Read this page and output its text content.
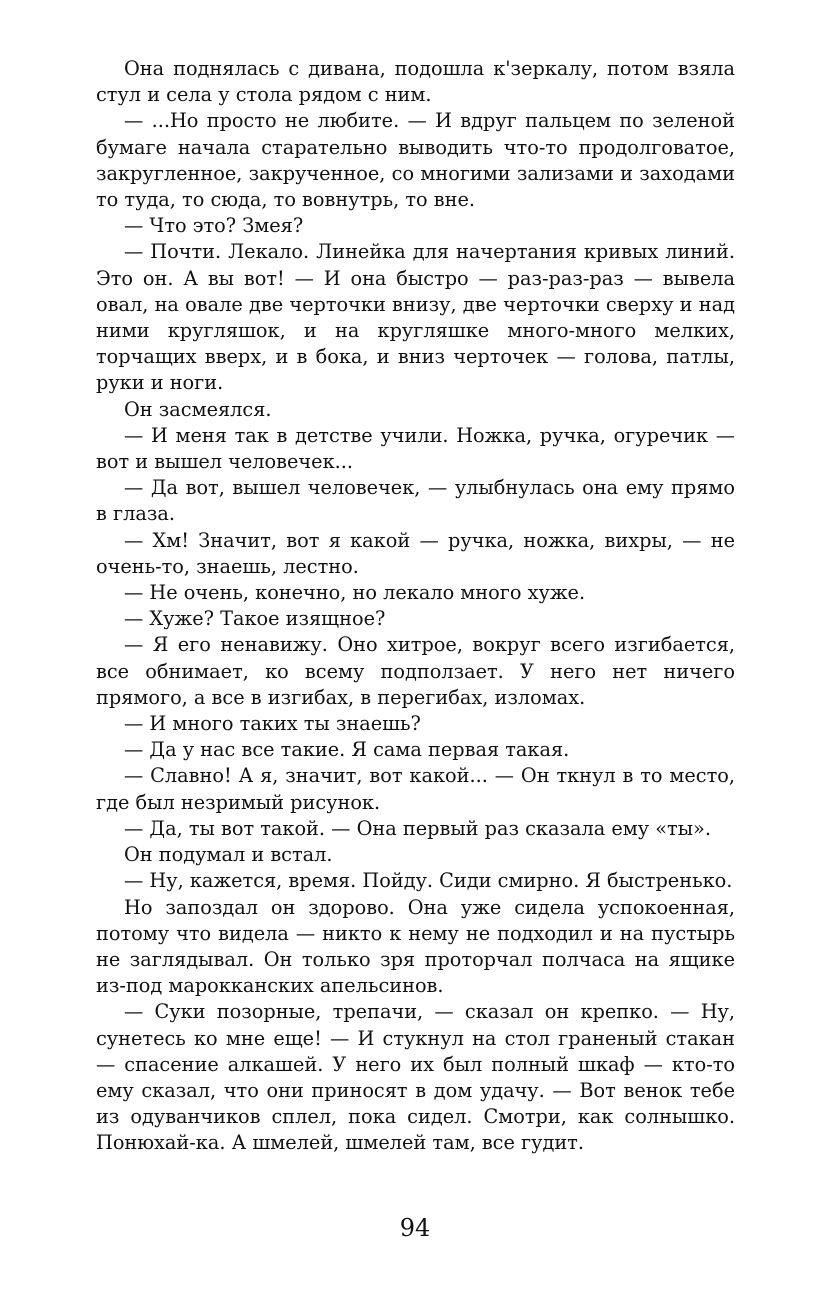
Она поднялась с дивана, подошла к'зеркалу, потом взяла стул и села у стола рядом с ним.

— ...Но просто не любите. — И вдруг пальцем по зеленой бумаге начала старательно выводить что-то продолговатое, закругленное, закрученное, со многими зализами и заходами то туда, то сюда, то вовнутрь, то вне.

— Что это? Змея?

— Почти. Лекало. Линейка для начертания кривых линий. Это он. А вы вот! — И она быстро — раз-раз-раз — вывела овал, на овале две черточки внизу, две черточки сверху и над ними кругляшок, и на кругляшке много-много мелких, торчащих вверх, и в бока, и вниз черточек — голова, патлы, руки и ноги.

Он засмеялся.

— И меня так в детстве учили. Ножка, ручка, огуречик — вот и вышел человечек...

— Да вот, вышел человечек, — улыбнулась она ему прямо в глаза.

— Хм! Значит, вот я какой — ручка, ножка, вихры, — не очень-то, знаешь, лестно.

— Не очень, конечно, но лекало много хуже.

— Хуже? Такое изящное?

— Я его ненавижу. Оно хитрое, вокруг всего изгибается, все обнимает, ко всему подползает. У него нет ничего прямого, а все в изгибах, в перегибах, изломах.

— И много таких ты знаешь?

— Да у нас все такие. Я сама первая такая.

— Славно! А я, значит, вот какой... — Он ткнул в то место, где был незримый рисунок.

— Да, ты вот такой. — Она первый раз сказала ему «ты».

Он подумал и встал.

— Ну, кажется, время. Пойду. Сиди смирно. Я быстренько.

Но запоздал он здорово. Она уже сидела успокоенная, потому что видела — никто к нему не подходил и на пустырь не заглядывал. Он только зря проторчал полчаса на ящике из-под марокканских апельсинов.

— Суки позорные, трепачи, — сказал он крепко. — Ну, сунетесь ко мне еще! — И стукнул на стол граненый стакан — спасение алкашей. У него их был полный шкаф — кто-то ему сказал, что они приносят в дом удачу. — Вот венок тебе из одуванчиков сплел, пока сидел. Смотри, как солнышко. Понюхай-ка. А шмелей, шмелей там, все гудит.

94
